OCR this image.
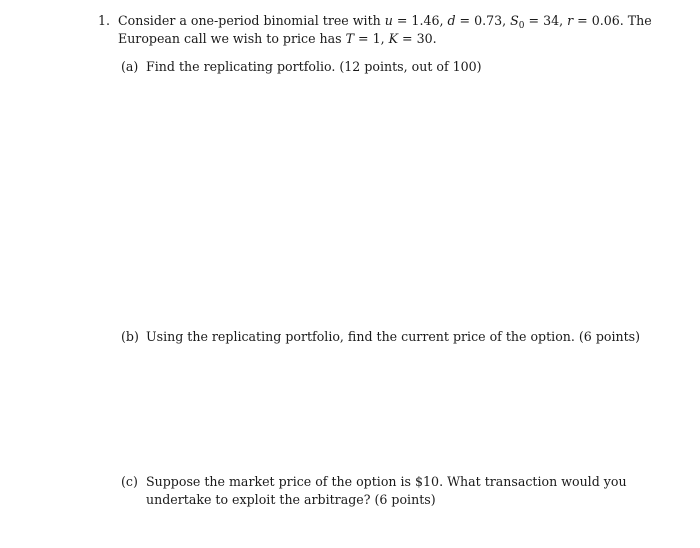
1. Consider a one-period binomial tree with u = 1.46, d = 0.73, $S_0 = 34$, r = 0.06. The
European call we wish to price has T = 1, K = 30.
(a) Find the replicating portfolio. (12 points, out of 100)
(b) Using the replicating portfolio, find the current price of the option. (6 points)
(c) Suppose the market price of the option is $10. What transaction would you
undertake to exploit the arbitrage? (6 points)
